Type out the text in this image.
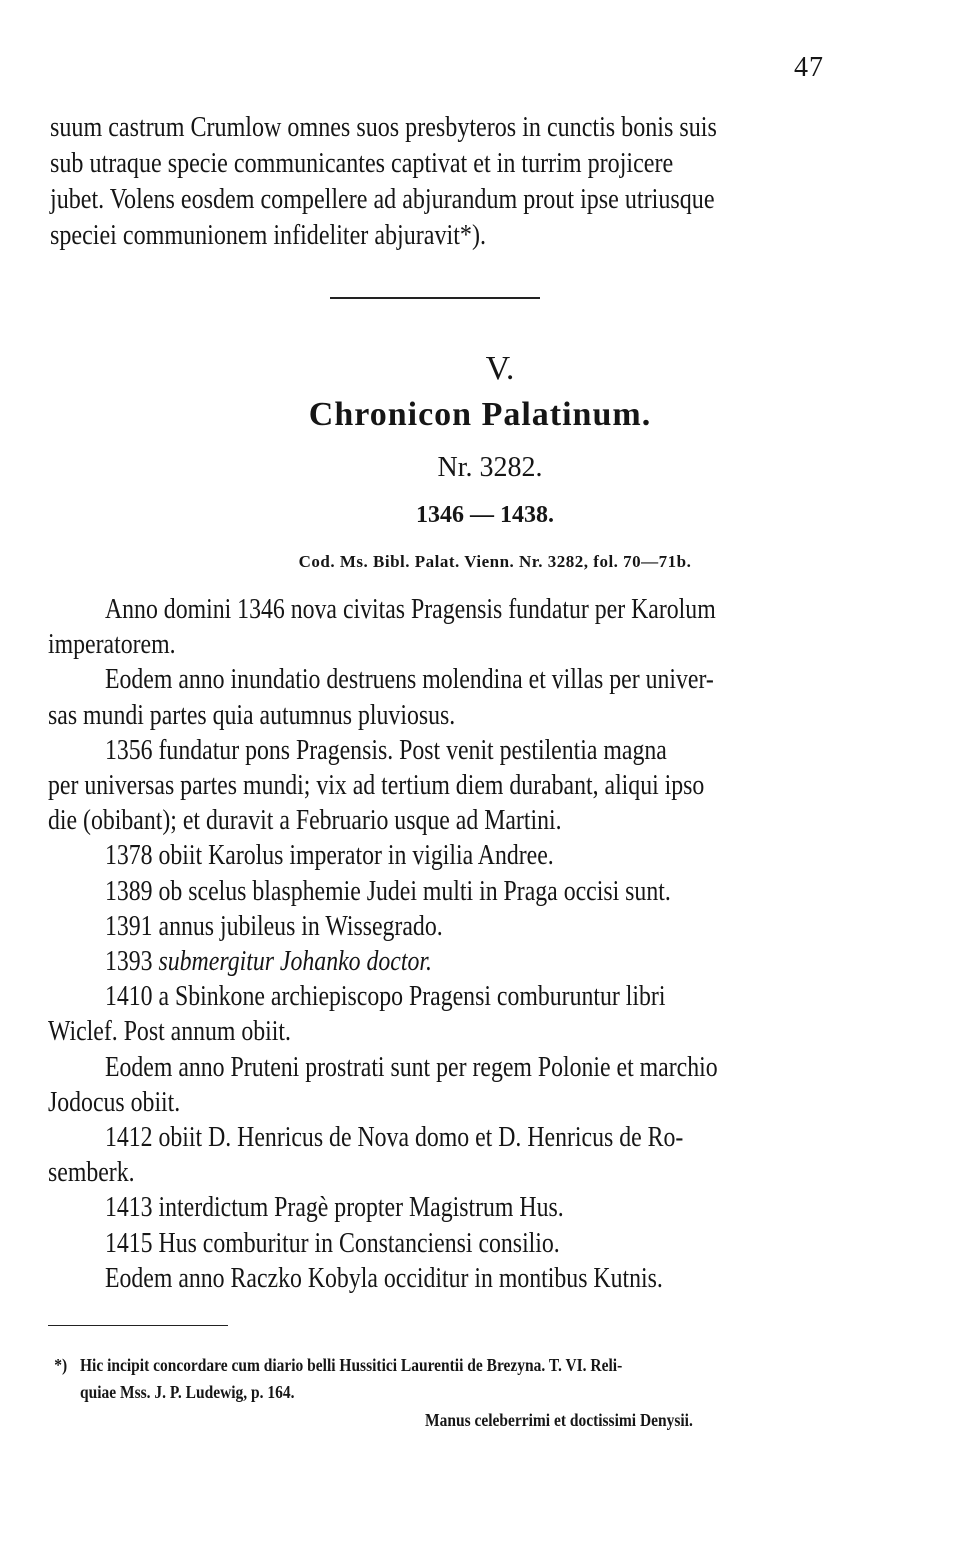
47
suum castrum Crumlow omnes suos presbyteros in cunctis bonis suis
sub utraque specie communicantes captivat et in turrim projicere
jubet. Volens eosdem compellere ad abjurandum prout ipse utriusque
speciei communionem infideliter abjuravit*).
V.
Chronicon Palatinum.
Nr. 3282.
1346 — 1438.
Cod. Ms. Bibl. Palat. Vienn. Nr. 3282, fol. 70—71b.

Anno domini 1346 nova civitas Pragensis fundatur per Karolum

imperatorem.

Eodem anno inundatio destruens molendina et villas per univer-

sas mundi partes quia autumnus pluviosus.

1356 fundatur pons Pragensis. Post venit pestilentia magna

per universas partes mundi; vix ad tertium diem durabant, aliqui ipso

die (obibant); et duravit a Februario usque ad Martini.

1378 obiit Karolus imperator in vigilia Andree.

1389 ob scelus blasphemie Judei multi in Praga occisi sunt.

1391 annus jubileus in Wissegrado.

1393 submergitur Johanko doctor.

1410 a Sbinkone archiepiscopo Pragensi comburuntur libri

Wiclef. Post annum obiit.

Eodem anno Pruteni prostrati sunt per regem Polonie et marchio

Jodocus obiit.

1412 obiit D. Henricus de Nova domo et D. Henricus de Ro-

semberk.

1413 interdictum Pragè propter Magistrum Hus.

1415 Hus comburitur in Constanciensi consilio.

Eodem anno Raczko Kobyla occiditur in montibus Kutnis.

*) Hic incipit concordare cum diario belli Hussitici Laurentii de Brezyna. T. VI. Reli-

quiae Mss. J. P. Ludewig, p. 164.

Manus celeberrimi et doctissimi Denysii.
